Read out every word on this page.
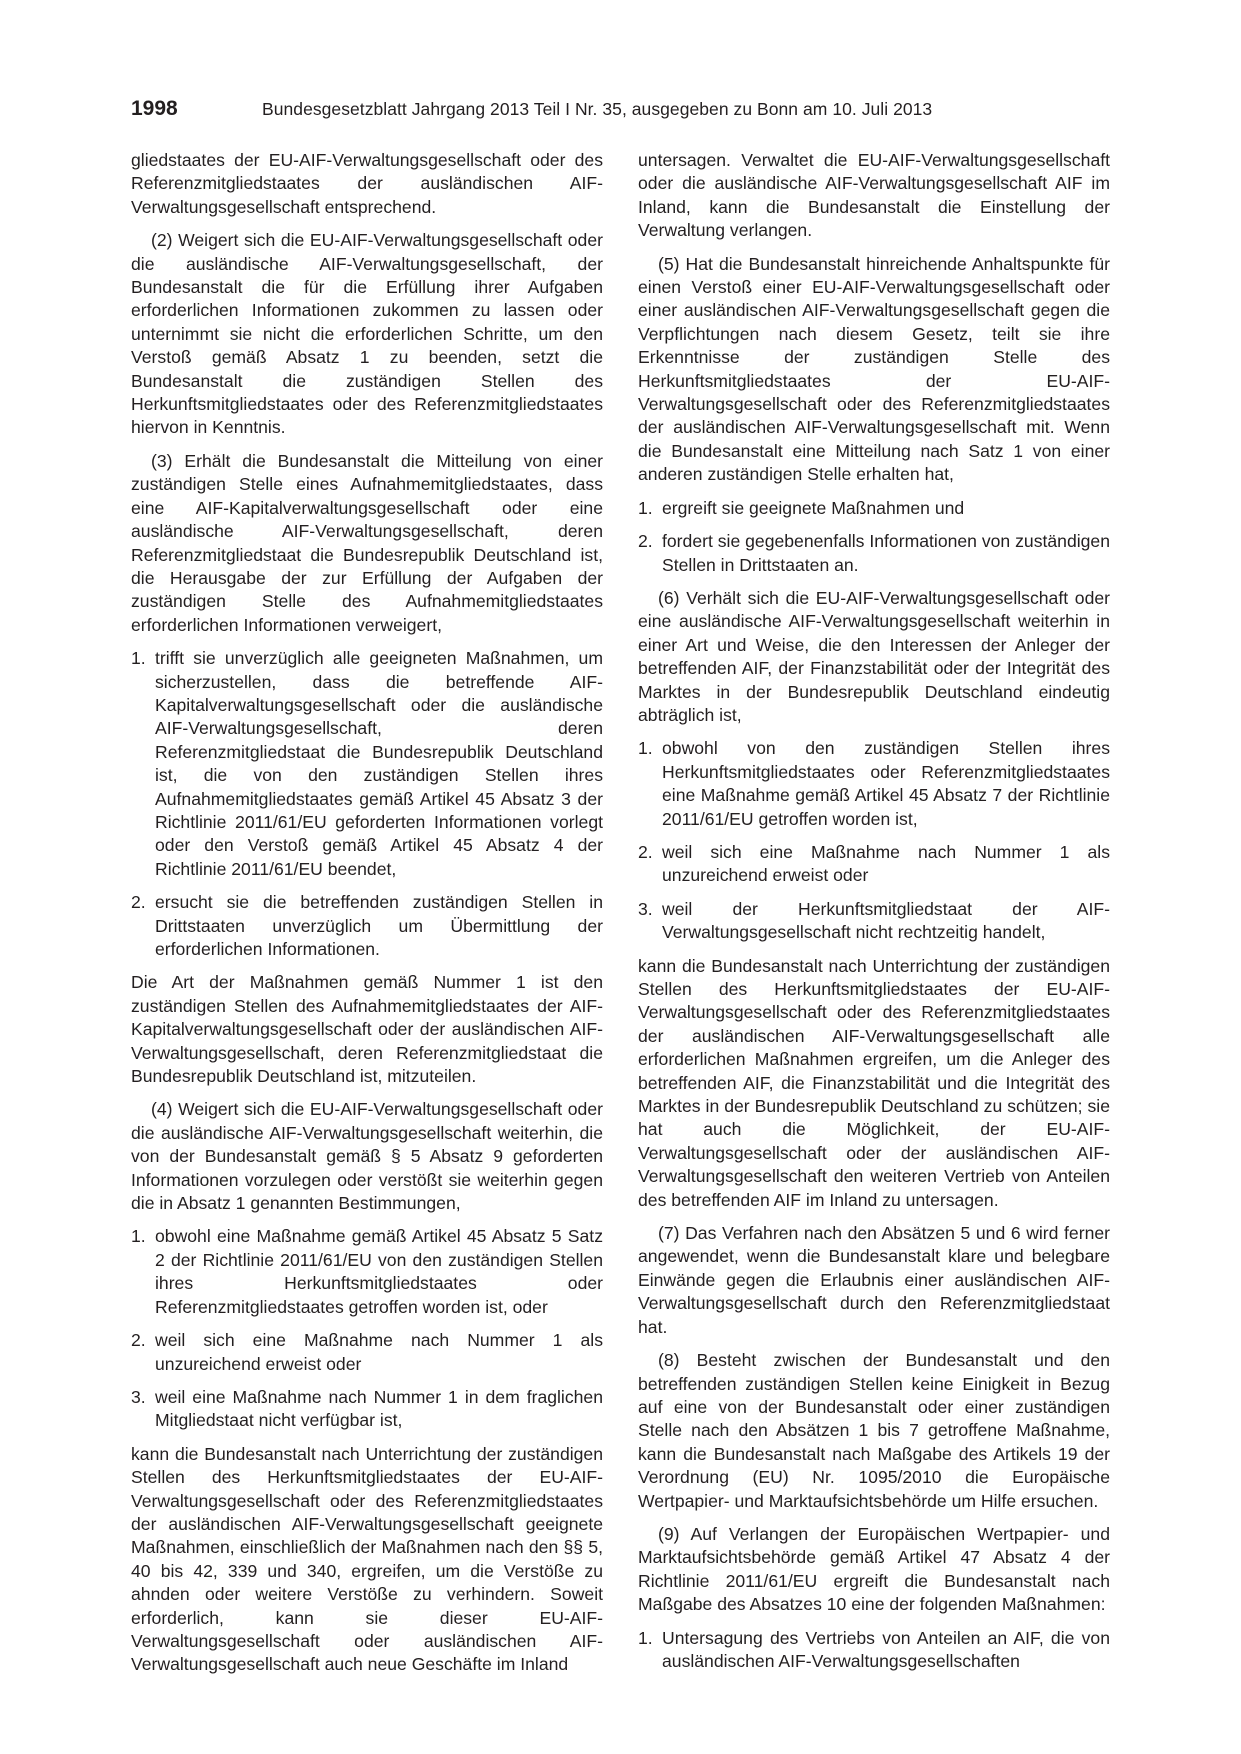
1998	Bundesgesetzblatt Jahrgang 2013 Teil I Nr. 35, ausgegeben zu Bonn am 10. Juli 2013

gliedstaates der EU-AIF-Verwaltungsgesellschaft oder des Referenzmitgliedstaates der ausländischen AIF-Verwaltungsgesellschaft entsprechend.

(2) Weigert sich die EU-AIF-Verwaltungsgesellschaft oder die ausländische AIF-Verwaltungsgesellschaft, der Bundesanstalt die für die Erfüllung ihrer Aufgaben erforderlichen Informationen zukommen zu lassen oder unternimmt sie nicht die erforderlichen Schritte, um den Verstoß gemäß Absatz 1 zu beenden, setzt die Bundesanstalt die zuständigen Stellen des Herkunftsmitgliedstaates oder des Referenzmitgliedstaates hiervon in Kenntnis.

(3) Erhält die Bundesanstalt die Mitteilung von einer zuständigen Stelle eines Aufnahmemitgliedstaates, dass eine AIF-Kapitalverwaltungsgesellschaft oder eine ausländische AIF-Verwaltungsgesellschaft, deren Referenzmitgliedstaat die Bundesrepublik Deutschland ist, die Herausgabe der zur Erfüllung der Aufgaben der zuständigen Stelle des Aufnahmemitgliedstaates erforderlichen Informationen verweigert,

1. trifft sie unverzüglich alle geeigneten Maßnahmen, um sicherzustellen, dass die betreffende AIF-Kapitalverwaltungsgesellschaft oder die ausländische AIF-Verwaltungsgesellschaft, deren Referenzmitgliedstaat die Bundesrepublik Deutschland ist, die von den zuständigen Stellen ihres Aufnahmemitgliedstaates gemäß Artikel 45 Absatz 3 der Richtlinie 2011/61/EU geforderten Informationen vorlegt oder den Verstoß gemäß Artikel 45 Absatz 4 der Richtlinie 2011/61/EU beendet,
2. ersucht sie die betreffenden zuständigen Stellen in Drittstaaten unverzüglich um Übermittlung der erforderlichen Informationen.

Die Art der Maßnahmen gemäß Nummer 1 ist den zuständigen Stellen des Aufnahmemitgliedstaates der AIF-Kapitalverwaltungsgesellschaft oder der ausländischen AIF-Verwaltungsgesellschaft, deren Referenzmitgliedstaat die Bundesrepublik Deutschland ist, mitzuteilen.

(4) Weigert sich die EU-AIF-Verwaltungsgesellschaft oder die ausländische AIF-Verwaltungsgesellschaft weiterhin, die von der Bundesanstalt gemäß § 5 Absatz 9 geforderten Informationen vorzulegen oder verstößt sie weiterhin gegen die in Absatz 1 genannten Bestimmungen,

1. obwohl eine Maßnahme gemäß Artikel 45 Absatz 5 Satz 2 der Richtlinie 2011/61/EU von den zuständigen Stellen ihres Herkunftsmitgliedstaates oder Referenzmitgliedstaates getroffen worden ist, oder
2. weil sich eine Maßnahme nach Nummer 1 als unzureichend erweist oder
3. weil eine Maßnahme nach Nummer 1 in dem fraglichen Mitgliedstaat nicht verfügbar ist,

kann die Bundesanstalt nach Unterrichtung der zuständigen Stellen des Herkunftsmitgliedstaates der EU-AIF-Verwaltungsgesellschaft oder des Referenzmitgliedstaates der ausländischen AIF-Verwaltungsgesellschaft geeignete Maßnahmen, einschließlich der Maßnahmen nach den §§ 5, 40 bis 42, 339 und 340, ergreifen, um die Verstöße zu ahnden oder weitere Verstöße zu verhindern. Soweit erforderlich, kann sie dieser EU-AIF-Verwaltungsgesellschaft oder ausländischen AIF-Verwaltungsgesellschaft auch neue Geschäfte im Inland

untersagen. Verwaltet die EU-AIF-Verwaltungsgesellschaft oder die ausländische AIF-Verwaltungsgesellschaft AIF im Inland, kann die Bundesanstalt die Einstellung der Verwaltung verlangen.

(5) Hat die Bundesanstalt hinreichende Anhaltspunkte für einen Verstoß einer EU-AIF-Verwaltungsgesellschaft oder einer ausländischen AIF-Verwaltungsgesellschaft gegen die Verpflichtungen nach diesem Gesetz, teilt sie ihre Erkenntnisse der zuständigen Stelle des Herkunftsmitgliedstaates der EU-AIF-Verwaltungsgesellschaft oder des Referenzmitgliedstaates der ausländischen AIF-Verwaltungsgesellschaft mit. Wenn die Bundesanstalt eine Mitteilung nach Satz 1 von einer anderen zuständigen Stelle erhalten hat,

1. ergreift sie geeignete Maßnahmen und
2. fordert sie gegebenenfalls Informationen von zuständigen Stellen in Drittstaaten an.

(6) Verhält sich die EU-AIF-Verwaltungsgesellschaft oder eine ausländische AIF-Verwaltungsgesellschaft weiterhin in einer Art und Weise, die den Interessen der Anleger der betreffenden AIF, der Finanzstabilität oder der Integrität des Marktes in der Bundesrepublik Deutschland eindeutig abträglich ist,

1. obwohl von den zuständigen Stellen ihres Herkunftsmitgliedstaates oder Referenzmitgliedstaates eine Maßnahme gemäß Artikel 45 Absatz 7 der Richtlinie 2011/61/EU getroffen worden ist,
2. weil sich eine Maßnahme nach Nummer 1 als unzureichend erweist oder
3. weil der Herkunftsmitgliedstaat der AIF-Verwaltungsgesellschaft nicht rechtzeitig handelt,

kann die Bundesanstalt nach Unterrichtung der zuständigen Stellen des Herkunftsmitgliedstaates der EU-AIF-Verwaltungsgesellschaft oder des Referenzmitgliedstaates der ausländischen AIF-Verwaltungsgesellschaft alle erforderlichen Maßnahmen ergreifen, um die Anleger des betreffenden AIF, die Finanzstabilität und die Integrität des Marktes in der Bundesrepublik Deutschland zu schützen; sie hat auch die Möglichkeit, der EU-AIF-Verwaltungsgesellschaft oder der ausländischen AIF-Verwaltungsgesellschaft den weiteren Vertrieb von Anteilen des betreffenden AIF im Inland zu untersagen.

(7) Das Verfahren nach den Absätzen 5 und 6 wird ferner angewendet, wenn die Bundesanstalt klare und belegbare Einwände gegen die Erlaubnis einer ausländischen AIF-Verwaltungsgesellschaft durch den Referenzmitgliedstaat hat.

(8) Besteht zwischen der Bundesanstalt und den betreffenden zuständigen Stellen keine Einigkeit in Bezug auf eine von der Bundesanstalt oder einer zuständigen Stelle nach den Absätzen 1 bis 7 getroffene Maßnahme, kann die Bundesanstalt nach Maßgabe des Artikels 19 der Verordnung (EU) Nr. 1095/2010 die Europäische Wertpapier- und Marktaufsichtsbehörde um Hilfe ersuchen.

(9) Auf Verlangen der Europäischen Wertpapier- und Marktaufsichtsbehörde gemäß Artikel 47 Absatz 4 der Richtlinie 2011/61/EU ergreift die Bundesanstalt nach Maßgabe des Absatzes 10 eine der folgenden Maßnahmen:

1. Untersagung des Vertriebs von Anteilen an AIF, die von ausländischen AIF-Verwaltungsgesellschaften
